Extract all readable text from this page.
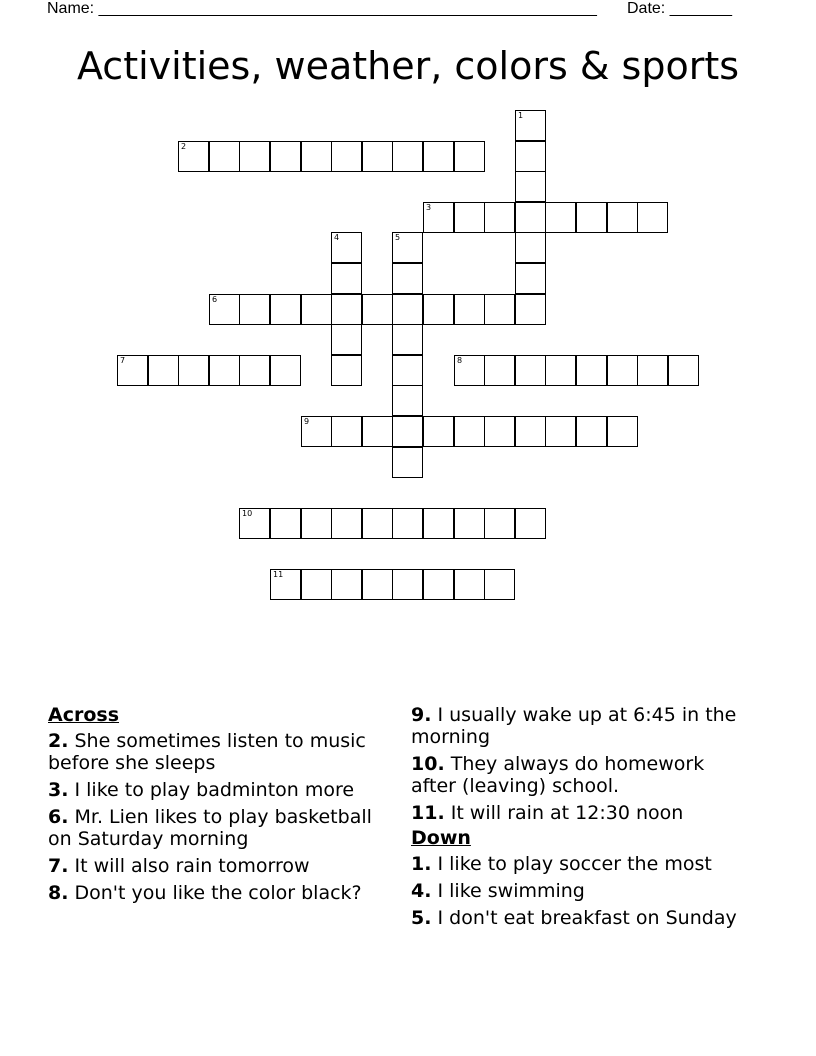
Name: ________________________________________________________ Date: _______
Activities, weather, colors & sports
1
2
3
4	5
6
7	8
9
10
11
Across
2. She sometimes listen to music before she sleeps
3. I like to play badminton more
6. Mr. Lien likes to play basketball on Saturday morning
7. It will also rain tomorrow
8. Don't you like the color black?
9. I usually wake up at 6:45 in the morning
10. They always do homework after (leaving) school.
11. It will rain at 12:30 noon
Down
1. I like to play soccer the most
4. I like swimming
5. I don't eat breakfast on Sunday
